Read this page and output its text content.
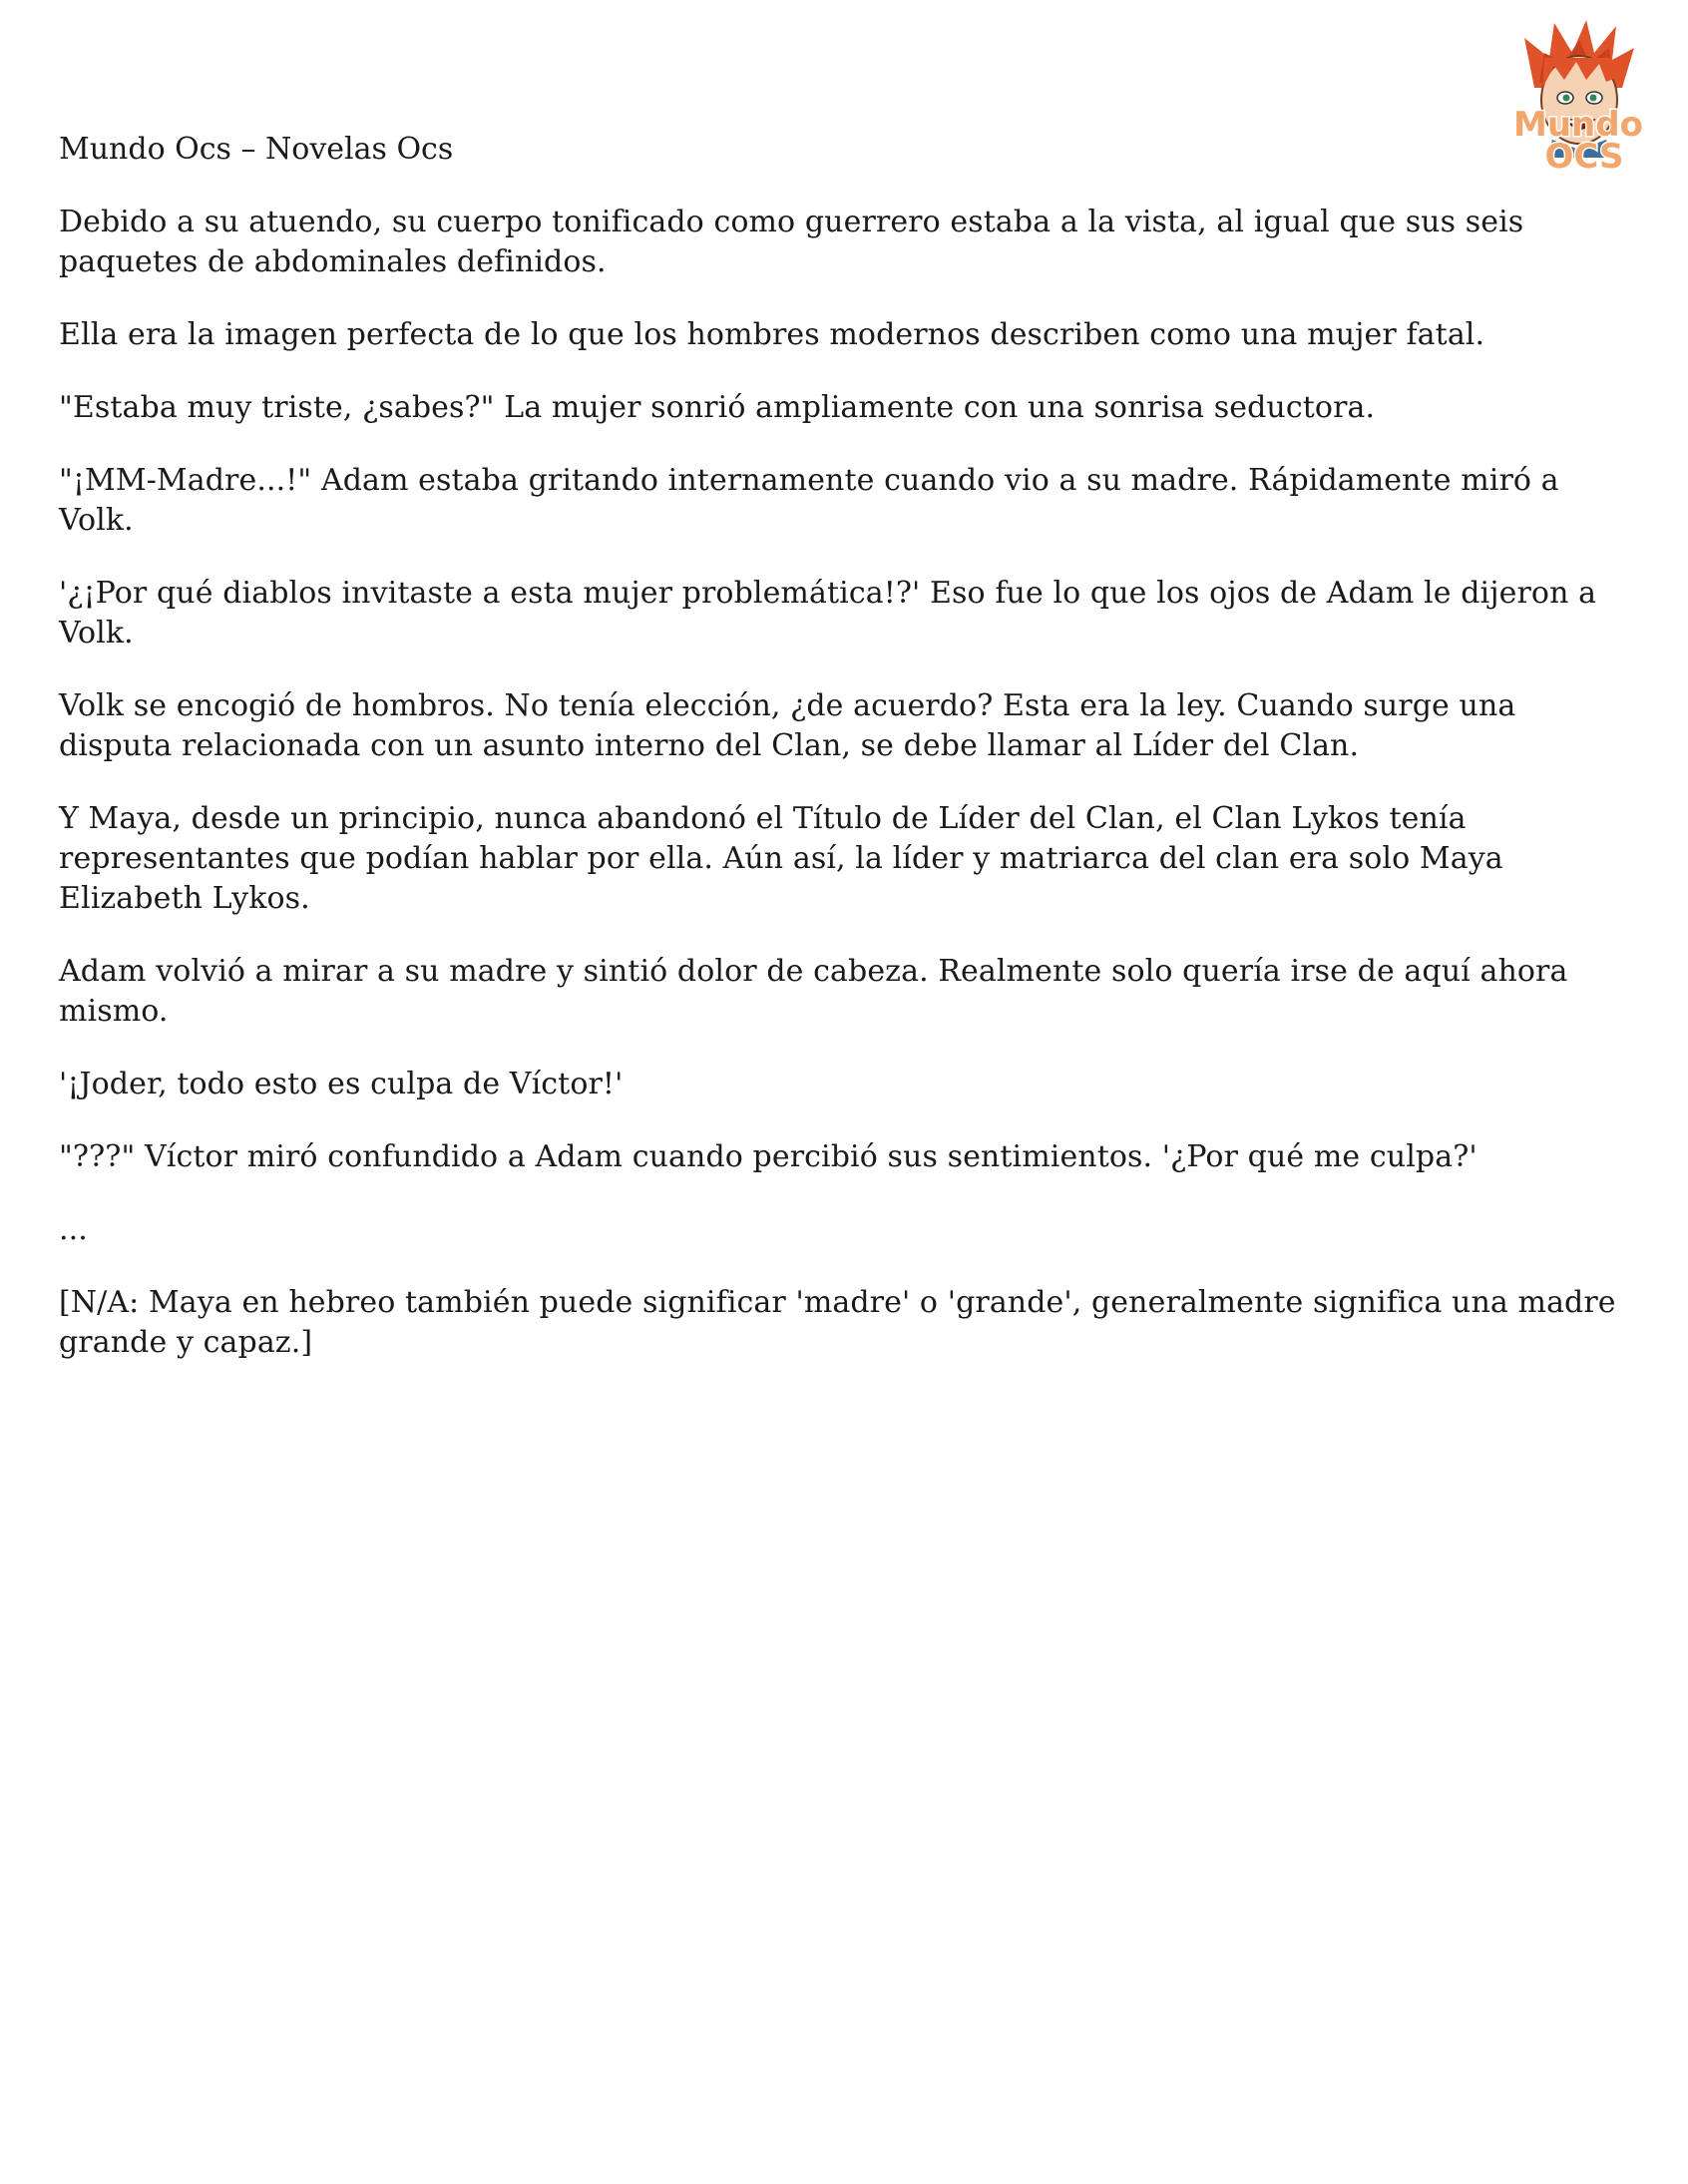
Mundo
OCS
Mundo Ocs – Novelas Ocs

Debido a su atuendo, su cuerpo tonificado como guerrero estaba a la vista, al igual que sus seis paquetes de abdominales definidos.

Ella era la imagen perfecta de lo que los hombres modernos describen como una mujer fatal.

"Estaba muy triste, ¿sabes?" La mujer sonrió ampliamente con una sonrisa seductora.

"¡MM-Madre...!" Adam estaba gritando internamente cuando vio a su madre. Rápidamente miró a Volk.

'¿¡Por qué diablos invitaste a esta mujer problemática!?' Eso fue lo que los ojos de Adam le dijeron a Volk.

Volk se encogió de hombros. No tenía elección, ¿de acuerdo? Esta era la ley. Cuando surge una disputa relacionada con un asunto interno del Clan, se debe llamar al Líder del Clan.

Y Maya, desde un principio, nunca abandonó el Título de Líder del Clan, el Clan Lykos tenía representantes que podían hablar por ella. Aún así, la líder y matriarca del clan era solo Maya Elizabeth Lykos.

Adam volvió a mirar a su madre y sintió dolor de cabeza. Realmente solo quería irse de aquí ahora mismo.

'¡Joder, todo esto es culpa de Víctor!'

"???" Víctor miró confundido a Adam cuando percibió sus sentimientos. '¿Por qué me culpa?'

...

[N/A: Maya en hebreo también puede significar 'madre' o 'grande', generalmente significa una madre grande y capaz.]
